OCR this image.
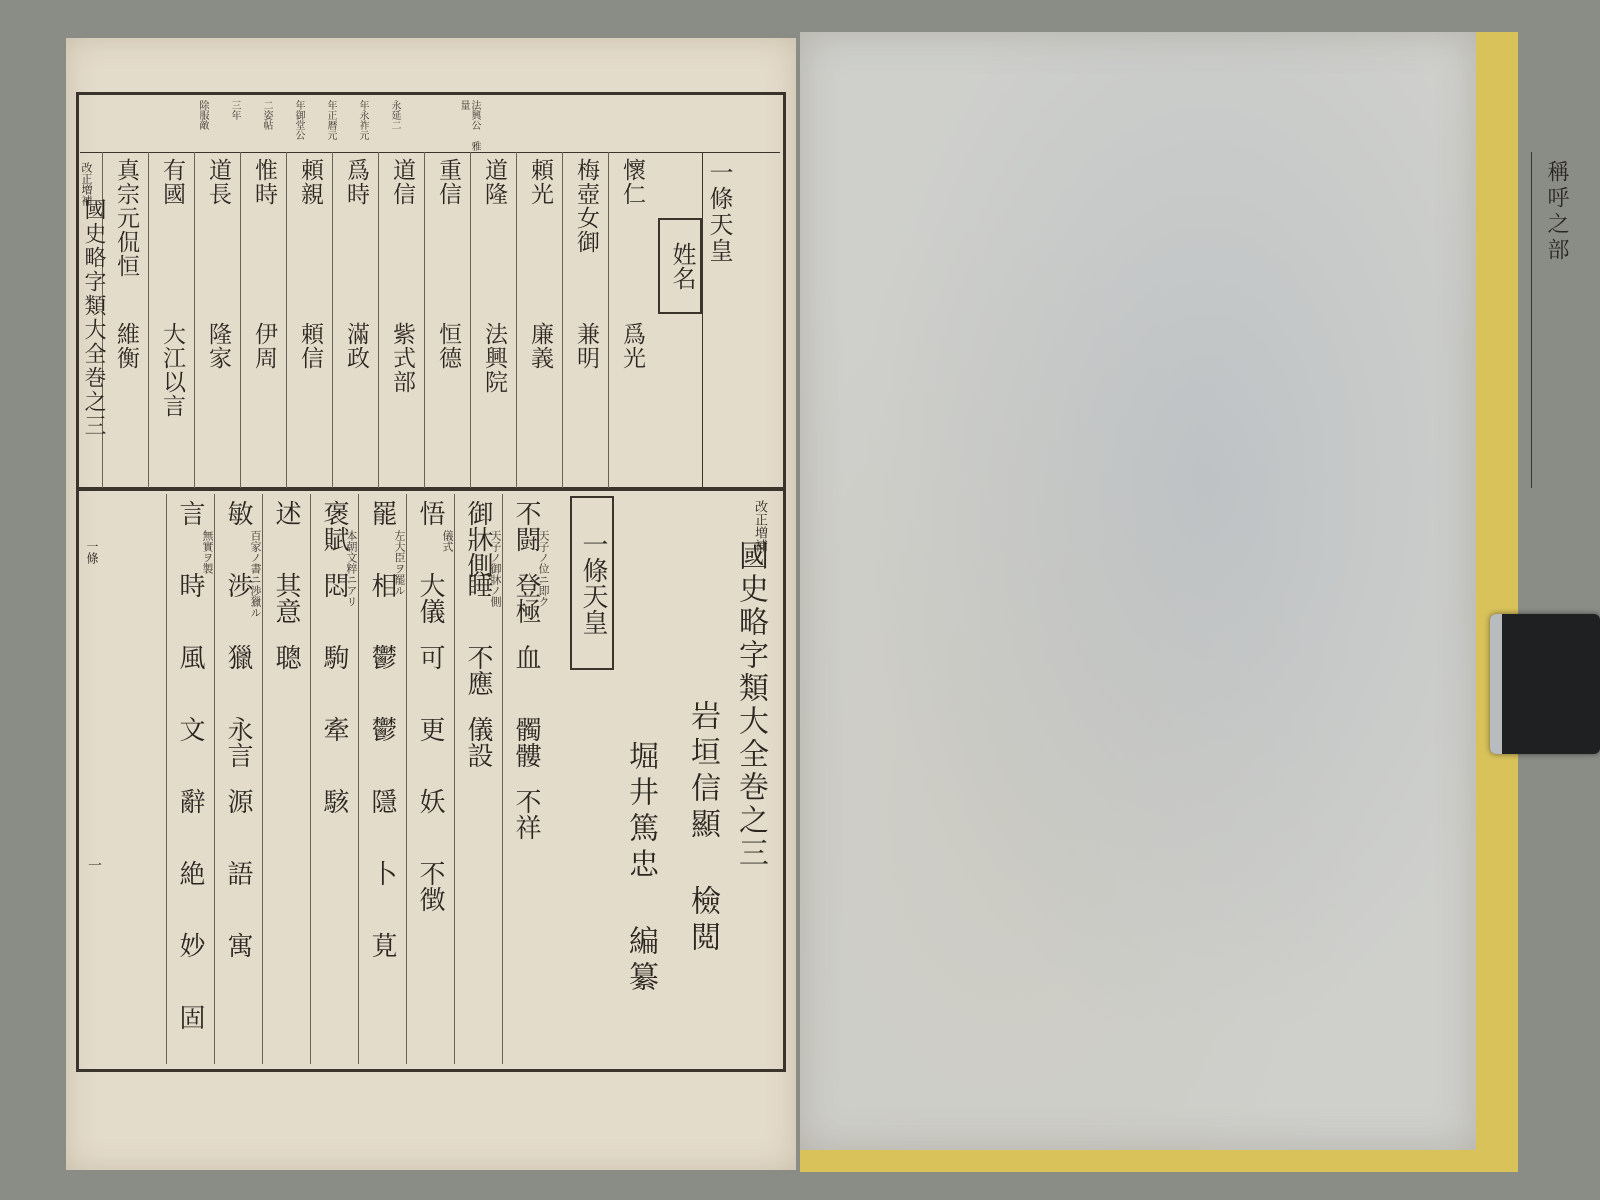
法興公 雅量
永延二
年永祚元
年正暦元
年御堂公
二姿帖
三年
除服敵
稱呼之部
一條天皇
姓名
懷仁
爲光
梅壺女御
兼明
頼光
廉義
道隆
法興院
重信
恒德
道信
紫式部
爲時
滿政
頼親
頼信
惟時
伊周
道長
隆家
有國
大江以言
真宗元侃恒
維衡
改正増補
國史略字類大全巻之三
改正増補
國史略字類大全巻之三
岩垣信顯 檢閲
堀井篤忠 編纂
一條天皇
不闘
登極
血
髑髏
不祥
天子ノ位ニ即ク
御牀側
睡
不應
儀設
天子ノ御牀ノ側
悟
大儀
可
更
妖
不徴
儀式
罷
相
鬱
鬱
隱
卜
莧
左大臣ヲ罷ル
褒賦
悶
駒
牽
駭
本朝文粹ニアリ
述
其意
聰
敏
渉
獵
永言
源
語
寓
百家ノ書ニ渉獵ル
言
時
風
文
辭
絶
妙
固
無實ヲ製
一條
一
